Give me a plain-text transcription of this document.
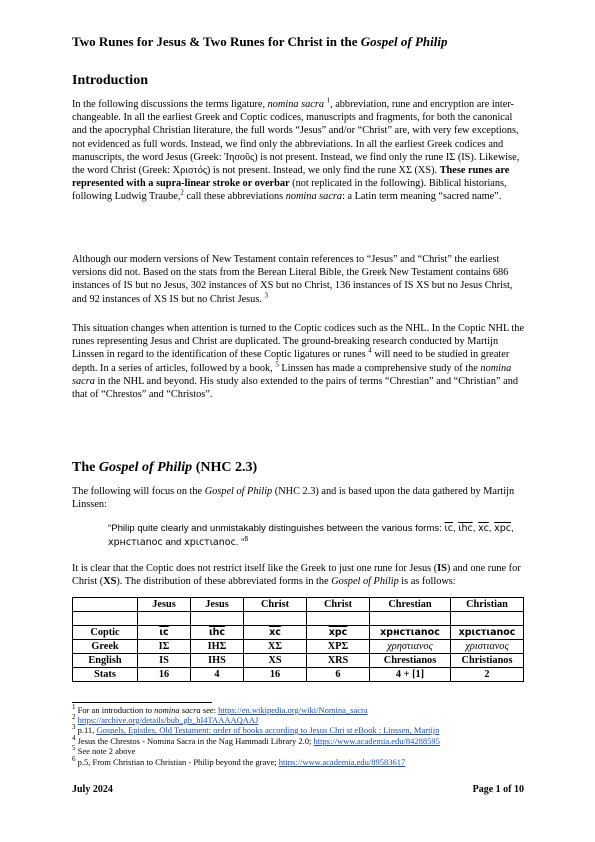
Two Runes for Jesus & Two Runes for Christ in the Gospel of Philip
Introduction

In the following discussions the terms ligature, nomina sacra $^1$, abbreviation, rune and encryption are inter-changeable. In all the earliest Greek and Coptic codices, manuscripts and fragments, for both the canonical and the apocryphal Christian literature, the full words “Jesus” and/or “Christ” are, with very few exceptions, not evidenced as full words. Instead, we find only the abbreviations. In all the earliest Greek codices and manuscripts, the word Jesus (Greek: Ἰησοῦς) is not present. Instead, we find only the rune ΙΣ (IS). Likewise, the word Christ (Greek: Χριστός) is not present. Instead, we only find the rune ΧΣ (XS). These runes are represented with a supra-linear stroke or overbar (not replicated in the following). Biblical historians, following Ludwig Traube,$^2$ call these abbreviations nomina sacra: a Latin term meaning “sacred name”.

Although our modern versions of New Testament contain references to “Jesus” and “Christ” the earliest versions did not. Based on the stats from the Berean Literal Bible, the Greek New Testament contains 686 instances of IS but no Jesus, 302 instances of XS but no Christ, 136 instances of IS XS but no Jesus Christ, and 92 instances of XS IS but no Christ Jesus. $^3$

This situation changes when attention is turned to the Coptic codices such as the NHL. In the Coptic NHL the runes representing Jesus and Christ are duplicated. The ground-breaking research conducted by Martijn Linssen in regard to the identification of these Coptic ligatures or runes $^4$ will need to be studied in greater depth. In a series of articles, followed by a book, $^5$ Linssen has made a comprehensive study of the nomina sacra in the NHL and beyond. His study also extended to the pairs of terms “Chrestian” and “Christian” and that of “Chrestos” and “Christos”.

The Gospel of Philip (NHC 2.3)

The following will focus on the Gospel of Philip (NHC 2.3) and is based upon the data gathered by Martijn Linssen:

“Philip quite clearly and unmistakably distinguishes between the various forms: $\overline{\iota c}$, $\overline{\iota hc}$, $\overline{xc}$, $\overline{xpc}$, xpнcтιanoc and xpιcтιanoc. “$^6$

It is clear that the Coptic does not restrict itself like the Greek to just one rune for Jesus (IS) and one rune for Christ (XS). The distribution of these abbreviated forms in the Gospel of Philip is as follows:

	Jesus	Jesus	Christ	Christ	Chrestian	Christian

Coptic	$\overline{\iota c}$	$\overline{\iota hc}$	$\overline{xc}$	$\overline{xpc}$	xpнcтιanoc	xpιcтιanoc
Greek	ΙΣ	ΙΗΣ	ΧΣ	ΧΡΣ	χρηστιανος	χριστιανος
English	IS	IHS	XS	XRS	Chrestianos	Christianos
Stats	16	4	16	6	4 + [1]	2
$^1$ For an introduction to nomina sacra see: https://en.wikipedia.org/wiki/Nomina_sacra
$^2$ https://archive.org/details/bub_gb_hI4TAAAAQAAJ
$^3$ p.11, Gospels, Epistles, Old Testament: order of books according to Jesus Chri st eBook : Linssen, Martijn
$^4$ Jesus the Chrestos - Nomina Sacra in the Nag Hammadi Library 2.0; https://www.academia.edu/84288595
$^5$ See note 2 above
$^6$ p.5, From Christian to Christian - Philip beyond the grave; https://www.academia.edu/89583617
July 2024	Page 1 of 10
